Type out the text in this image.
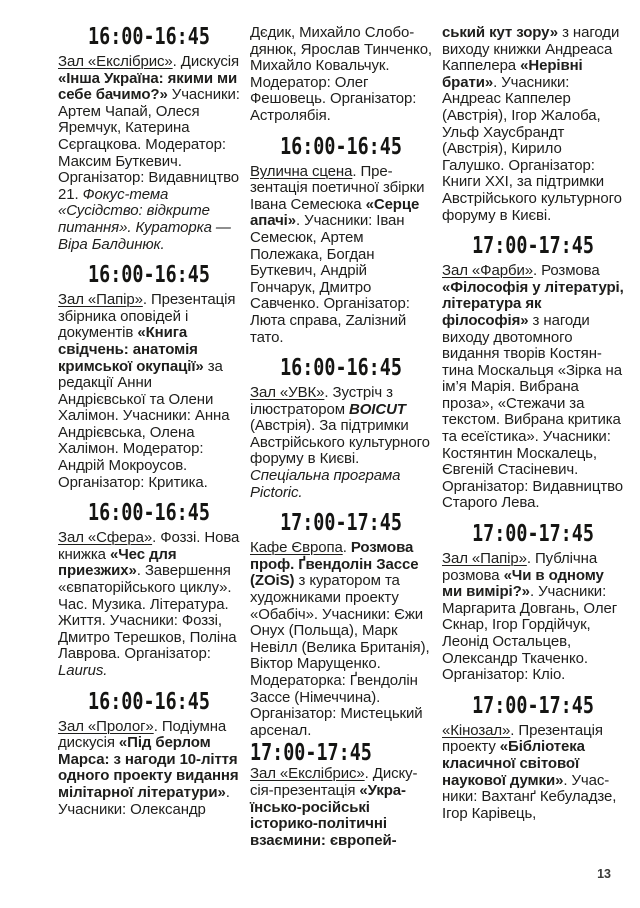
16:00-16:45

Зал «Екслібрис». Дискусія «Інша Україна: якими ми себе бачимо?» Учасники: Артем Чапай, Олеся Яремчук, Катерина Сєргацкова. Модератор: Максим Буткевич. Організатор: Видавництво 21. Фокус-тема «Сусідство: відкрите питання». Кураторка — Віра Балдинюк.

16:00-16:45

Зал «Папір». Презентація збірника оповідей і документів «Книга свідчень: анатомія кримської окупації» за редакції Анни Андрієвської та Олени Халімон. Учасники: Анна Андрієвська, Олена Халімон. Модератор: Андрій Мокроусов. Організатор: Критика.

16:00-16:45

Зал «Сфера». Фоззі. Нова книжка «Чес для приезжих». Завершення «євпаторійського циклу». Час. Музика. Література. Життя. Учасники: Фоззі, Дмитро Терешков, Поліна Лаврова. Організатор: Laurus.

16:00-16:45

Зал «Пролог». Подіумна дискусія «Під берлом Марса: з нагоди 10-ліття одного проекту видання мілітарної літератури». Учасники: Олександр

Дєдик, Михайло Слободянюк, Ярослав Тинченко, Михайло Ковальчук. Модератор: Олег Фешовець. Організатор: Астролябія.

16:00-16:45

Вулична сцена. Презентація поетичної збірки Івана Семесюка «Серце апачі». Учасники: Іван Семесюк, Артем Полежака, Богдан Буткевич, Андрій Гончарук, Дмитро Савченко. Організатор: Люта справа, Zалізний тато.

16:00-16:45

Зал «УВК». Зустріч з ілюстратором BOICUT (Австрія). За підтримки Австрійського культурного форуму в Києві. Спеціальна програма Pictoric.

17:00-17:45

Кафе Європа. Розмова проф. Ґвендолін Зассе (ZOiS) з куратором та художниками проекту «Обабіч». Учасники: Єжи Онух (Польща), Марк Невілл (Велика Британія), Віктор Марущенко. Модераторка: Ґвендолін Зассе (Німеччина). Організатор: Мистецький арсенал.

17:00-17:45

Зал «Екслібрис». Дискусія-презентація «Українсько-російські історико-політичні взаємини: європей-

ський кут зору» з нагоди виходу книжки Андреаса Каппелера «Нерівні брати». Учасники: Андреас Каппелер (Австрія), Ігор Жалоба, Ульф Хаусбрандт (Австрія), Кирило Галушко. Організатор: Книги XXI, за підтримки Австрійського культурного форуму в Києві.

17:00-17:45

Зал «Фарби». Розмова «Філософія у літературі, література як філософія» з нагоди виходу двотомного видання творів Костянтина Москальця «Зірка на ім’я Марія. Вибрана проза», «Стежачи за текстом. Вибрана критика та есеїстика». Учасники: Костянтин Москалець, Євгеній Стасіневич. Організатор: Видавництво Старого Лева.

17:00-17:45

Зал «Папір». Публічна розмова «Чи в одному ми вимірі?». Учасники: Маргарита Довгань, Олег Скнар, Ігор Гордійчук, Леонід Остальцев, Олександр Ткаченко. Організатор: Кліо.

17:00-17:45

«Кінозал». Презентація проекту «Бібліотека класичної світової наукової думки». Учасники: Вахтанґ Кебуладзе, Ігор Карівець,

13
